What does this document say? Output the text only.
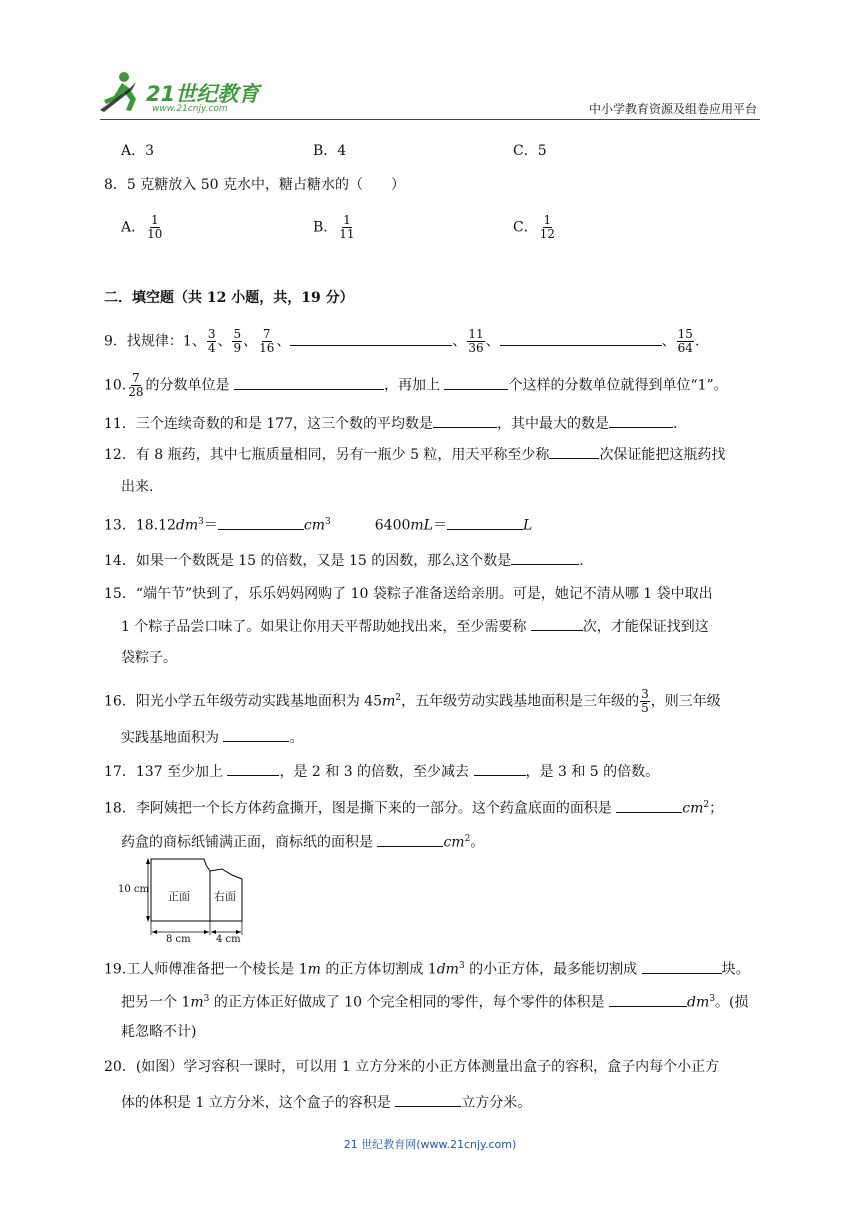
21世纪教育
www.21cnjy.com	中小学教育资源及组卷应用平台
A．3	B．4	C．5
8．5 克糖放入 50 克水中，糖占糖水的（　　）
A． $\frac{1}{10}$	B． $\frac{1}{11}$	C． $\frac{1}{12}$
二．填空题（共 12 小题，共，19 分）
9．找规律：1、 $\frac{3}{4}$ 、 $\frac{5}{9}$ 、 $\frac{7}{16}$ 、	、 $\frac{11}{36}$ 、	、 $\frac{15}{64}$ .
10. $\frac{7}{28}$ 的分数单位是	，再加上	个这样的分数单位就得到单位“1”。
11．三个连续奇数的和是 177，这三个数的平均数是	，其中最大的数是	.
12．有 8 瓶药，其中七瓶质量相同，另有一瓶少 5 粒，用天平称至少称	次保证能把这瓶药找
出来.
13．$18.12dm^3=$	$cm^3$	6400mL＝	L
14．如果一个数既是 15 的倍数，又是 15 的因数，那么这个数是	.
15．“端午节”快到了，乐乐妈妈网购了 10 袋粽子准备送给亲朋。可是，她记不清从哪 1 袋中取出
1 个粽子品尝口味了。如果让你用天平帮助她找出来，至少需要称	次，才能保证找到这
袋粽子。
16．阳光小学五年级劳动实践基地面积为 $45m^2$，五年级劳动实践基地面积是三年级的 $\frac{3}{5}$ ，则三年级
实践基地面积为	。
17．137 至少加上	，是 2 和 3 的倍数，至少减去	，是 3 和 5 的倍数。
18．李阿姨把一个长方体药盒撕开，图是撕下来的一部分。这个药盒底面的面积是	$cm^2$；
药盒的商标纸铺满正面，商标纸的面积是	$cm^2$。
10 cm
正面 右面
8 cm	4 cm
19.工人师傅准备把一个棱长是 1m 的正方体切割成 $1dm^3$ 的小正方体，最多能切割成	块。
把另一个 $1m^3$ 的正方体正好做成了 10 个完全相同的零件，每个零件的体积是	$dm^3$。(损
耗忽略不计)
20．(如图）学习容积一课时，可以用 1 立方分米的小正方体测量出盒子的容积，盒子内每个小正方
体的体积是 1 立方分米，这个盒子的容积是	立方分米。
21 世纪教育网(www.21cnjy.com)
